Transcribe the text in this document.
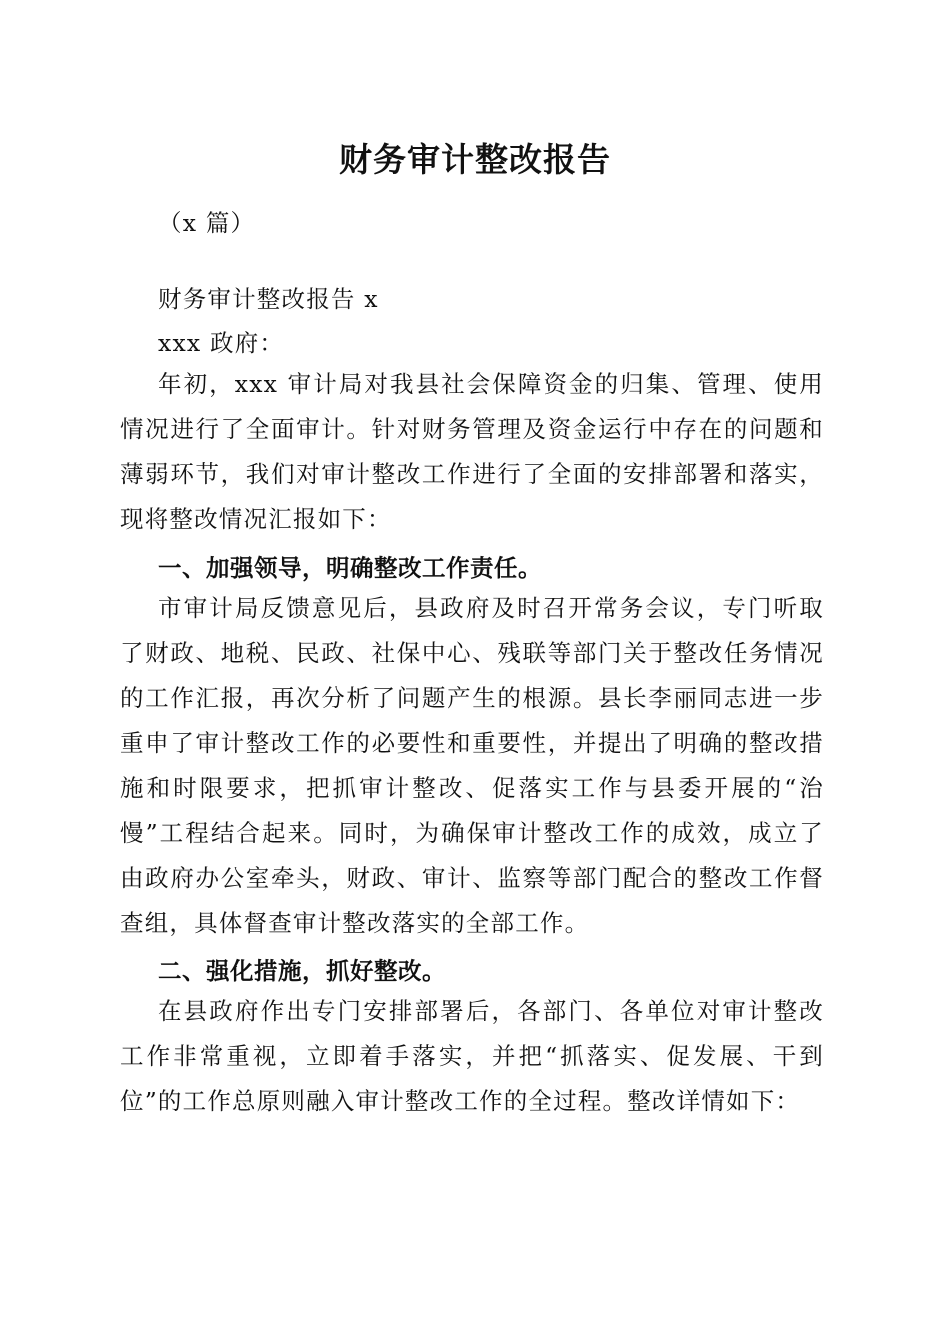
财务审计整改报告
（x 篇）
财务审计整改报告 x
xxx 政府：

年初，xxx 审计局对我县社会保障资金的归集、管理、使用情况进行了全面审计。针对财务管理及资金运行中存在的问题和薄弱环节，我们对审计整改工作进行了全面的安排部署和落实，现将整改情况汇报如下：

一、加强领导，明确整改工作责任。

市审计局反馈意见后，县政府及时召开常务会议，专门听取了财政、地税、民政、社保中心、残联等部门关于整改任务情况的工作汇报，再次分析了问题产生的根源。县长李丽同志进一步重申了审计整改工作的必要性和重要性，并提出了明确的整改措施和时限要求，把抓审计整改、促落实工作与县委开展的“治慢”工程结合起来。同时，为确保审计整改工作的成效，成立了由政府办公室牵头，财政、审计、监察等部门配合的整改工作督查组，具体督查审计整改落实的全部工作。

二、强化措施，抓好整改。

在县政府作出专门安排部署后，各部门、各单位对审计整改工作非常重视，立即着手落实，并把“抓落实、促发展、干到位”的工作总原则融入审计整改工作的全过程。整改详情如下：
